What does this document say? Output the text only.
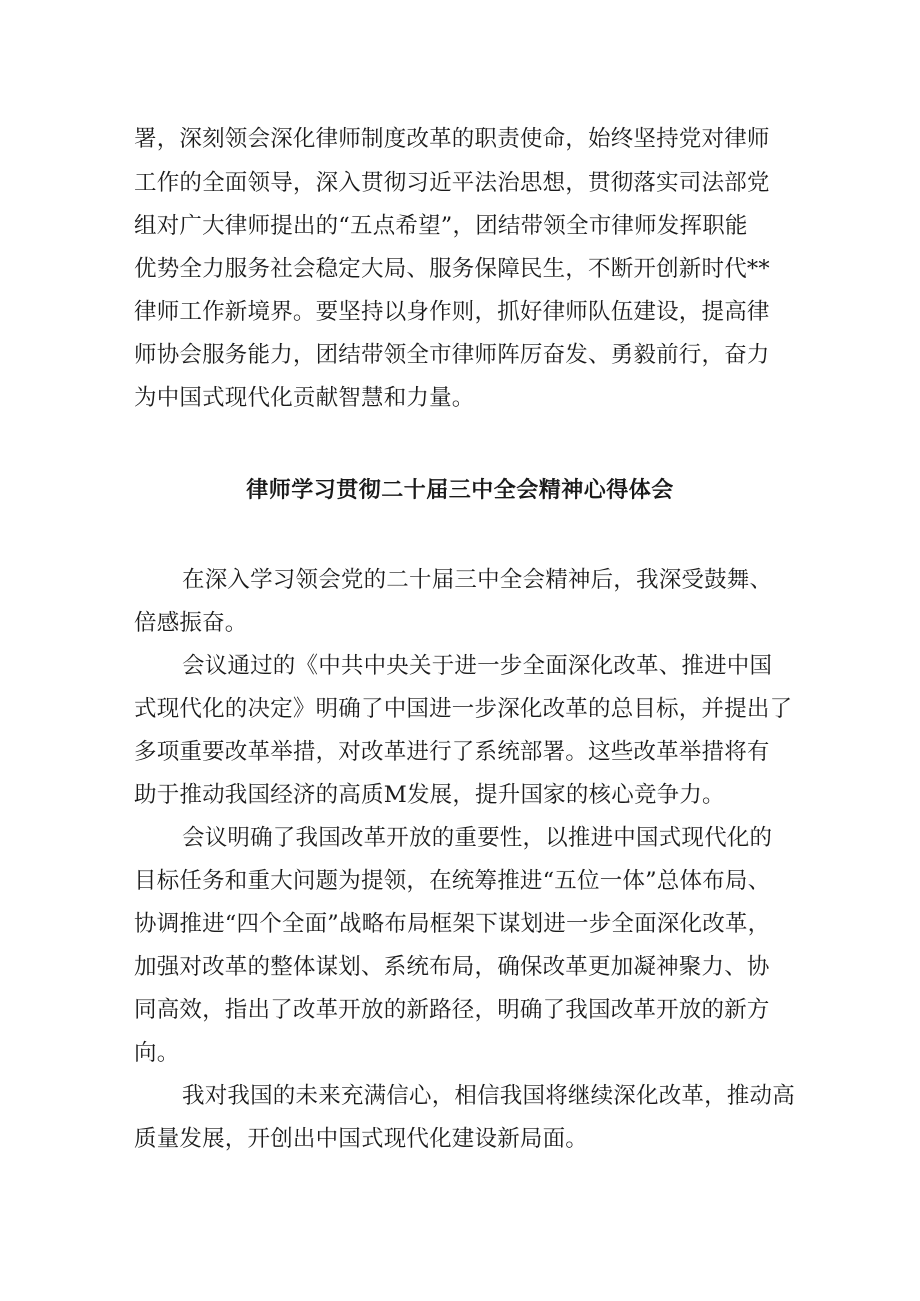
署，深刻领会深化律师制度改革的职责使命，始终坚持党对律师
工作的全面领导，深入贯彻习近平法治思想，贯彻落实司法部党
组对广大律师提出的“五点希望”，团结带领全市律师发挥职能
优势全力服务社会稳定大局、服务保障民生，不断开创新时代**
律师工作新境界。要坚持以身作则，抓好律师队伍建设，提高律
师协会服务能力，团结带领全市律师阵厉奋发、勇毅前行，奋力
为中国式现代化贡献智慧和力量。
律师学习贯彻二十届三中全会精神心得体会
在深入学习领会党的二十届三中全会精神后，我深受鼓舞、
倍感振奋。
会议通过的《中共中央关于进一步全面深化改革、推进中国
式现代化的决定》明确了中国进一步深化改革的总目标，并提出了
多项重要改革举措，对改革进行了系统部署。这些改革举措将有
助于推动我国经济的高质M发展，提升国家的核心竞争力。
会议明确了我国改革开放的重要性，以推进中国式现代化的
目标任务和重大问题为提领，在统筹推进“五位一体”总体布局、
协调推进“四个全面”战略布局框架下谋划进一步全面深化改革，
加强对改革的整体谋划、系统布局，确保改革更加凝神聚力、协
同高效，指出了改革开放的新路径，明确了我国改革开放的新方
向。
我对我国的未来充满信心，相信我国将继续深化改革，推动高
质量发展，开创出中国式现代化建设新局面。
